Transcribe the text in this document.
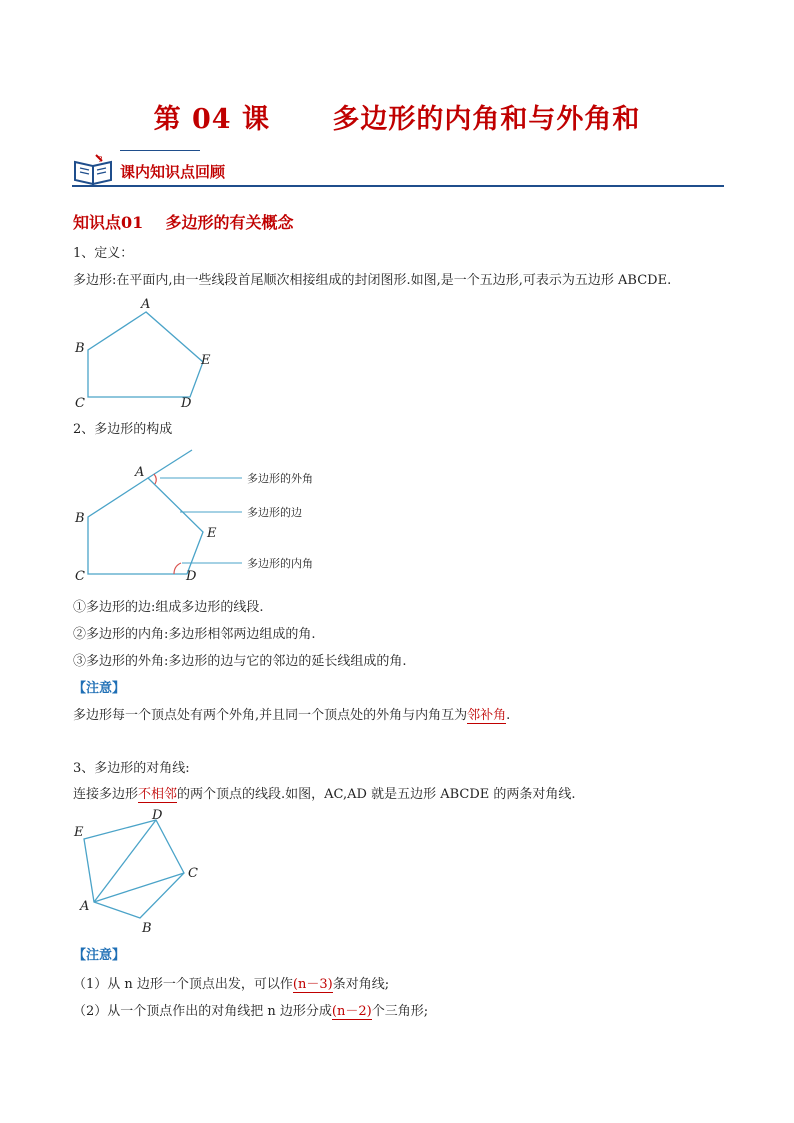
第 04 课      多边形的内角和与外角和
?
课内知识点回顾
知识点01    多边形的有关概念
1、定义：
多边形:在平面内,由一些线段首尾顺次相接组成的封闭图形.如图,是一个五边形,可表示为五边形 ABCDE.
A
B
C	D
E
2、多边形的构成
A
B
C	D
E
多边形的外角
多边形的边
多边形的内角
①多边形的边:组成多边形的线段.
②多边形的内角:多边形相邻两边组成的角.
③多边形的外角:多边形的边与它的邻边的延长线组成的角.
【注意】
多边形每一个顶点处有两个外角,并且同一个顶点处的外角与内角互为邻补角.
3、多边形的对角线:
连接多边形不相邻的两个顶点的线段.如图，AC,AD 就是五边形 ABCDE 的两条对角线.
E
D
C
A
B
【注意】
（1）从 n 边形一个顶点出发，可以作(n－3)条对角线;
（2）从一个顶点作出的对角线把 n 边形分成(n－2)个三角形;
